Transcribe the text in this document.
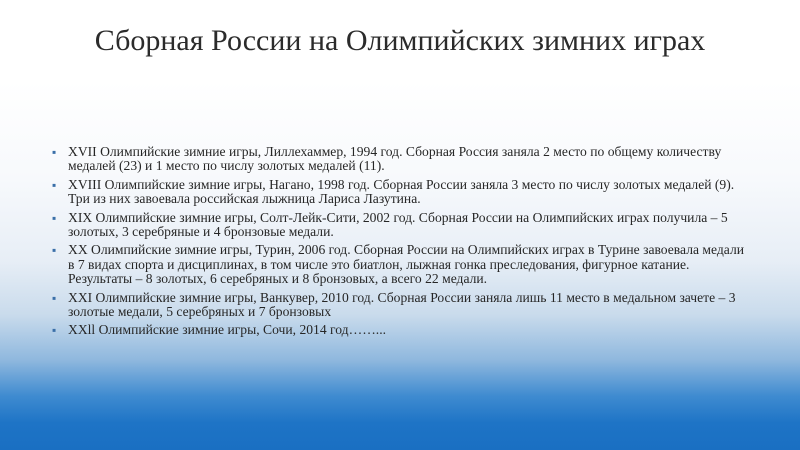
Сборная России на Олимпийских зимних играх
▪ XVII Олимпийские зимние игры, Лиллехаммер, 1994 год. Сборная Россия заняла 2 место по общему количеству медалей (23) и 1 место по числу золотых медалей (11).
▪ XVIII Олимпийские зимние игры, Нагано, 1998 год. Сборная России заняла 3 место по числу золотых медалей (9). Три из них завоевала российская лыжница Лариса Лазутина.
▪ XIX Олимпийские зимние игры, Солт-Лейк-Сити, 2002 год. Сборная России на Олимпийских играх получила – 5 золотых, 3 серебряные и 4 бронзовые медали.
▪ XX Олимпийские зимние игры, Турин, 2006 год. Сборная России на Олимпийских играх в Турине завоевала медали в 7 видах спорта и дисциплинах, в том числе это биатлон, лыжная гонка преследования, фигурное катание. Результаты – 8 золотых, 6 серебряных и 8 бронзовых, а всего 22 медали.
▪ XXI Олимпийские зимние игры, Ванкувер, 2010 год. Сборная России заняла лишь 11 место в медальном зачете – 3 золотые медали, 5 серебряных и 7 бронзовых
▪ XXll Олимпийские зимние игры, Сочи, 2014 год……...
